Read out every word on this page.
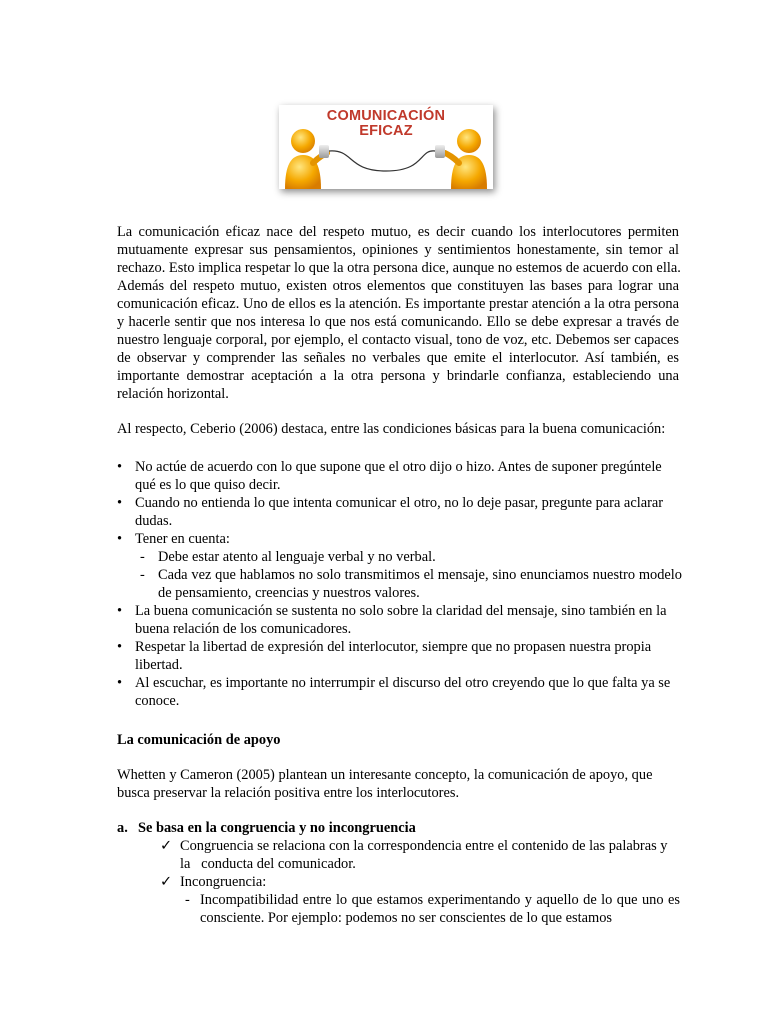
COMUNICACIÓN
EFICAZ

La comunicación eficaz nace del respeto mutuo, es decir cuando los interlocutores permiten
mutuamente expresar sus pensamientos, opiniones y sentimientos honestamente, sin temor al
rechazo. Esto implica respetar lo que la otra persona dice, aunque no estemos de acuerdo con ella.
Además del respeto mutuo, existen otros elementos que constituyen las bases para lograr una
comunicación eficaz. Uno de ellos es la atención. Es importante prestar atención a la otra persona
y hacerle sentir que nos interesa lo que nos está comunicando. Ello se debe expresar a través de
nuestro lenguaje corporal, por ejemplo, el contacto visual, tono de voz, etc. Debemos ser capaces
de observar y comprender las señales no verbales que emite el interlocutor. Así también, es
importante demostrar aceptación a la otra persona y brindarle confianza, estableciendo una
relación horizontal.

Al respecto, Ceberio (2006) destaca, entre las condiciones básicas para la buena comunicación:

• No actúe de acuerdo con lo que supone que el otro dijo o hizo. Antes de suponer pregúntele qué es lo que quiso decir.
• Cuando no entienda lo que intenta comunicar el otro, no lo deje pasar, pregunte para aclarar dudas.
• Tener en cuenta:
- Debe estar atento al lenguaje verbal y no verbal.
- Cada vez que hablamos no solo transmitimos el mensaje, sino enunciamos nuestro modelo de pensamiento, creencias y nuestros valores.
• La buena comunicación se sustenta no solo sobre la claridad del mensaje, sino también en la buena relación de los comunicadores.
• Respetar la libertad de expresión del interlocutor, siempre que no propasen nuestra propia libertad.
• Al escuchar, es importante no interrumpir el discurso del otro creyendo que lo que falta ya se conoce.

La comunicación de apoyo

Whetten y Cameron (2005) plantean un interesante concepto, la comunicación de apoyo, que busca preservar la relación positiva entre los interlocutores.

a. Se basa en la congruencia y no incongruencia
✓ Congruencia se relaciona con la correspondencia entre el contenido de las palabras y la   conducta del comunicador.
✓ Incongruencia:
- Incompatibilidad entre lo que estamos experimentando y aquello de lo que uno es consciente. Por ejemplo: podemos no ser conscientes de lo que estamos
